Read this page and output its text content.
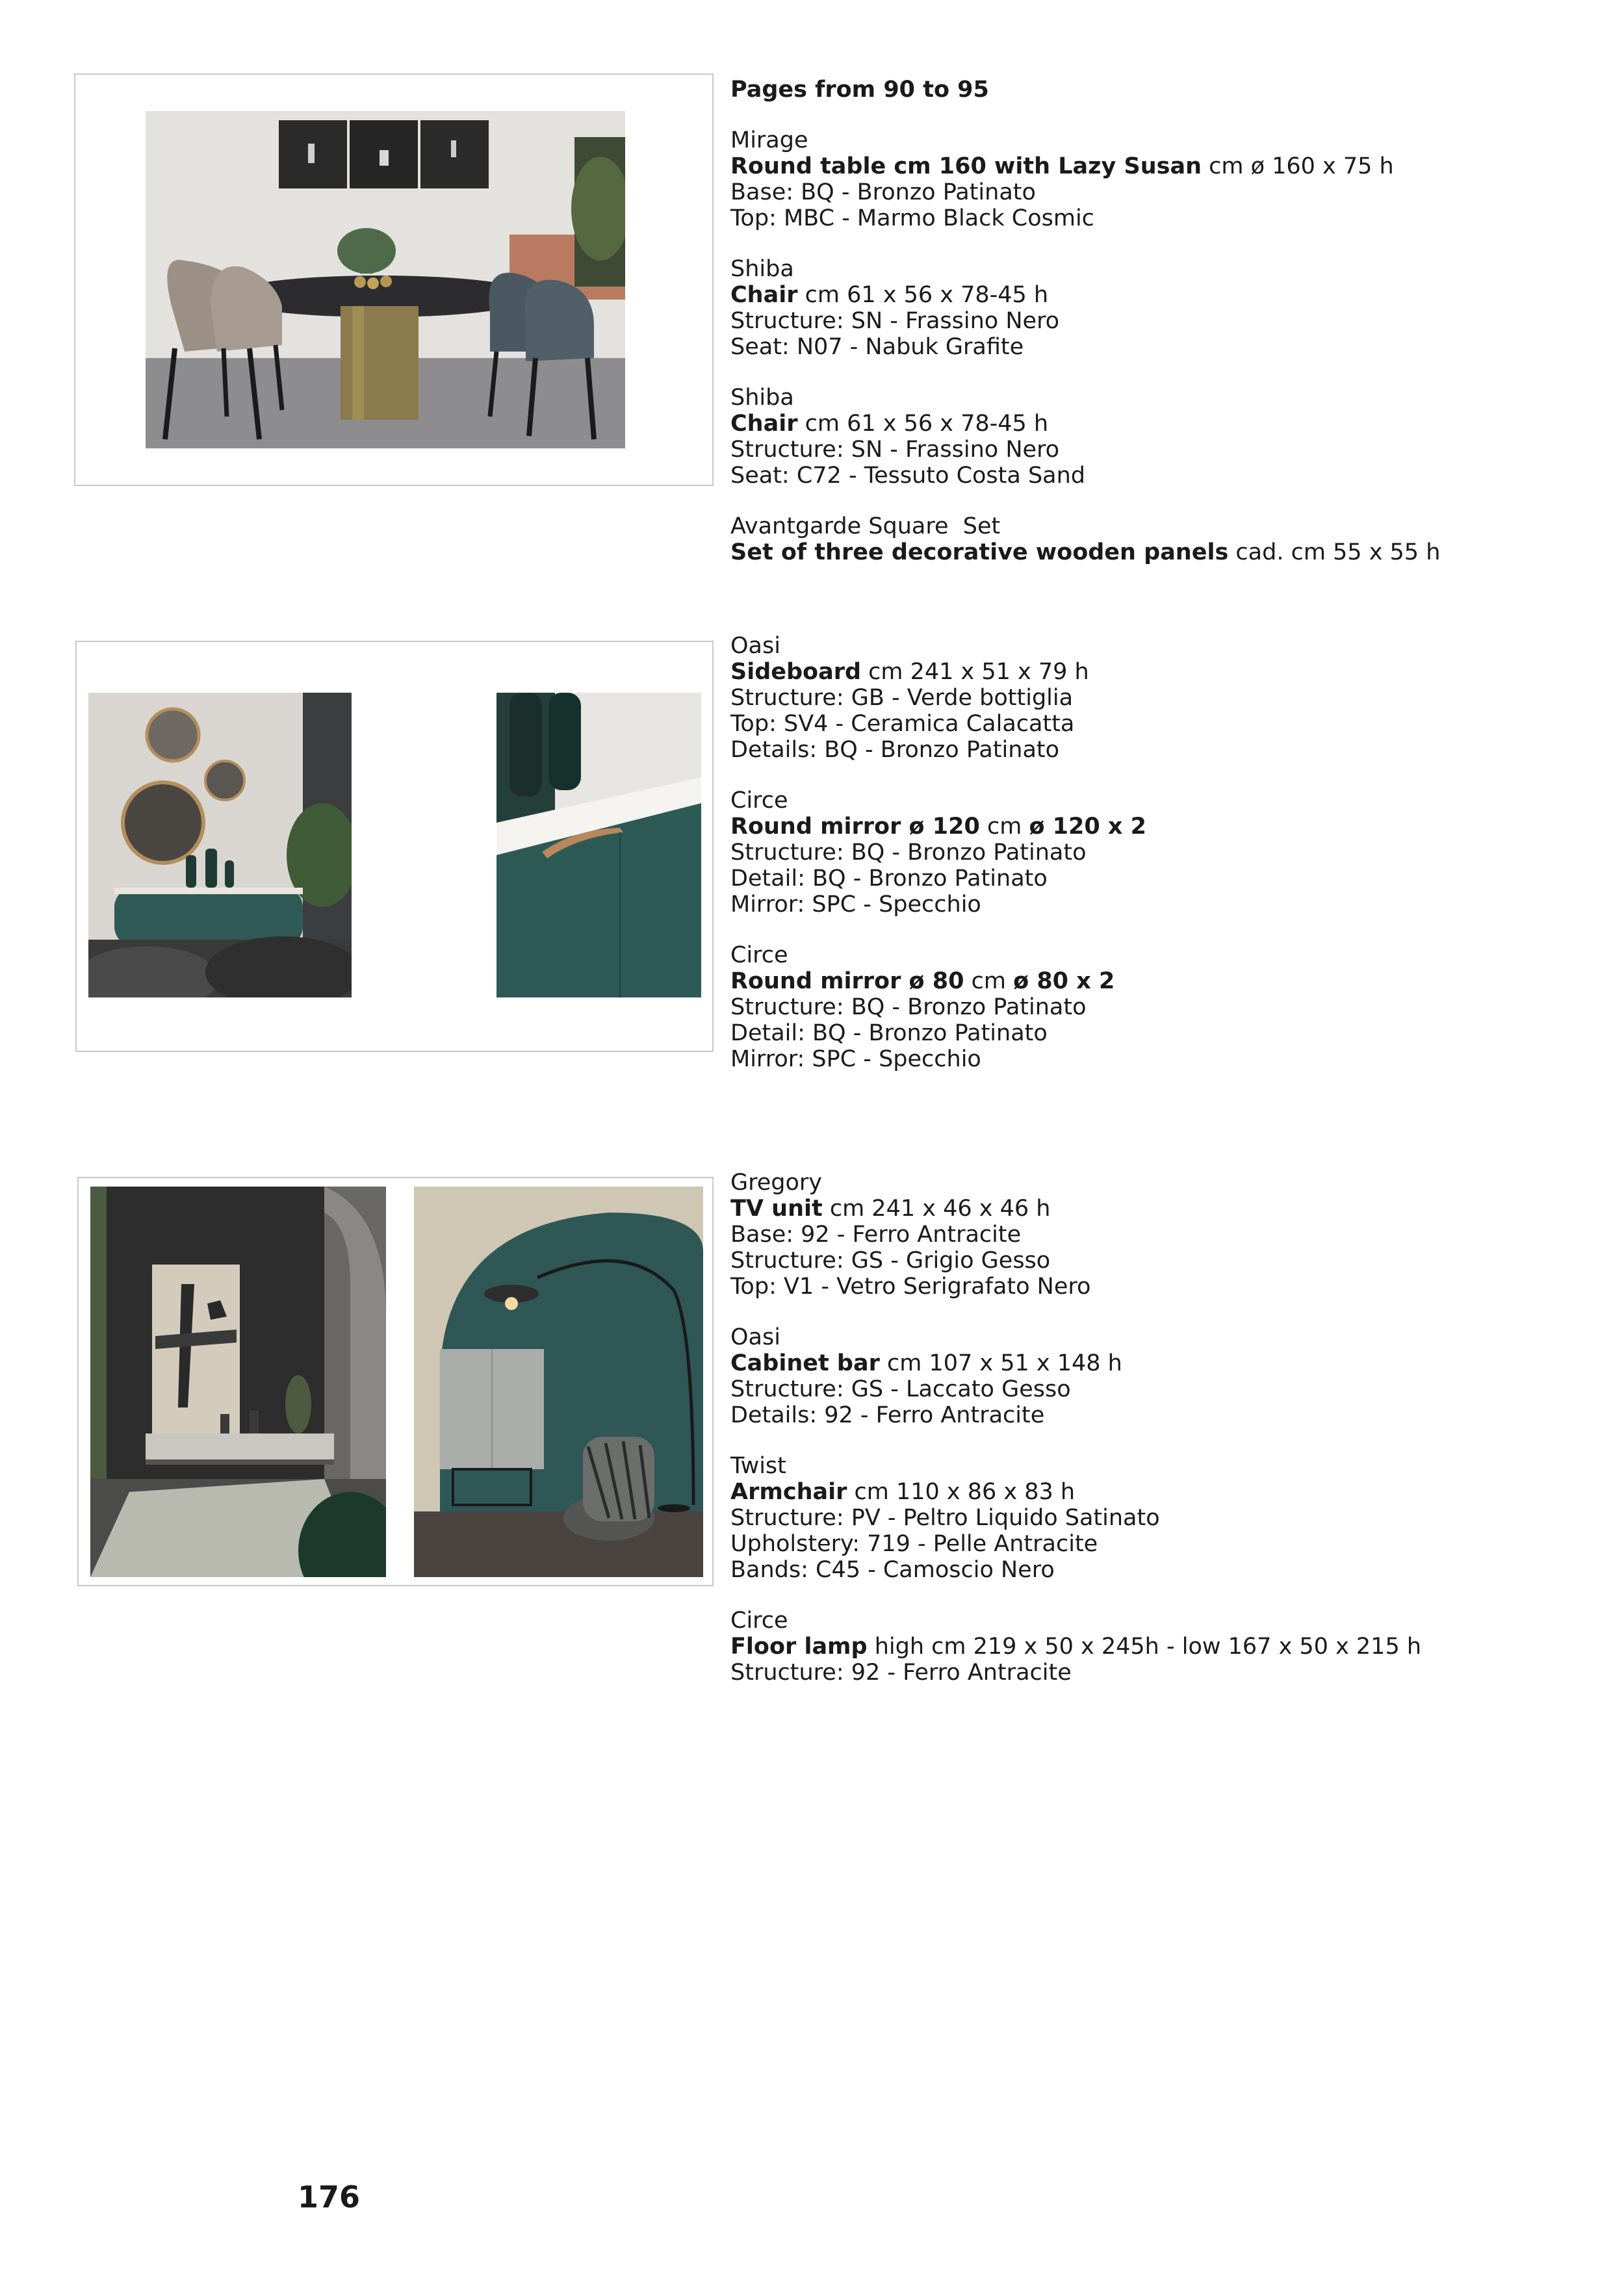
Pages from 90 to 95
Mirage
Round table cm 160 with Lazy Susan cm ø 160 x 75 h
Base: BQ - Bronzo Patinato
Top: MBC - Marmo Black Cosmic
Shiba
Chair cm 61 x 56 x 78-45 h
Structure: SN - Frassino Nero
Seat: N07 - Nabuk Grafite
Shiba
Chair cm 61 x 56 x 78-45 h
Structure: SN - Frassino Nero
Seat: C72 - Tessuto Costa Sand
Avantgarde Square  Set
Set of three decorative wooden panels cad. cm 55 x 55 h
Oasi
Sideboard cm 241 x 51 x 79 h
Structure: GB - Verde bottiglia
Top: SV4 - Ceramica Calacatta
Details: BQ - Bronzo Patinato
Circe
Round mirror ø 120 cm ø 120 x 2
Structure: BQ - Bronzo Patinato
Detail: BQ - Bronzo Patinato
Mirror: SPC - Specchio
Circe
Round mirror ø 80 cm ø 80 x 2
Structure: BQ - Bronzo Patinato
Detail: BQ - Bronzo Patinato
Mirror: SPC - Specchio
Gregory
TV unit cm 241 x 46 x 46 h
Base: 92 - Ferro Antracite
Structure: GS - Grigio Gesso
Top: V1 - Vetro Serigrafato Nero
Oasi
Cabinet bar cm 107 x 51 x 148 h
Structure: GS - Laccato Gesso
Details: 92 - Ferro Antracite
Twist
Armchair cm 110 x 86 x 83 h
Structure: PV - Peltro Liquido Satinato
Upholstery: 719 - Pelle Antracite
Bands: C45 - Camoscio Nero
Circe
Floor lamp high cm 219 x 50 x 245h - low 167 x 50 x 215 h
Structure: 92 - Ferro Antracite
176
